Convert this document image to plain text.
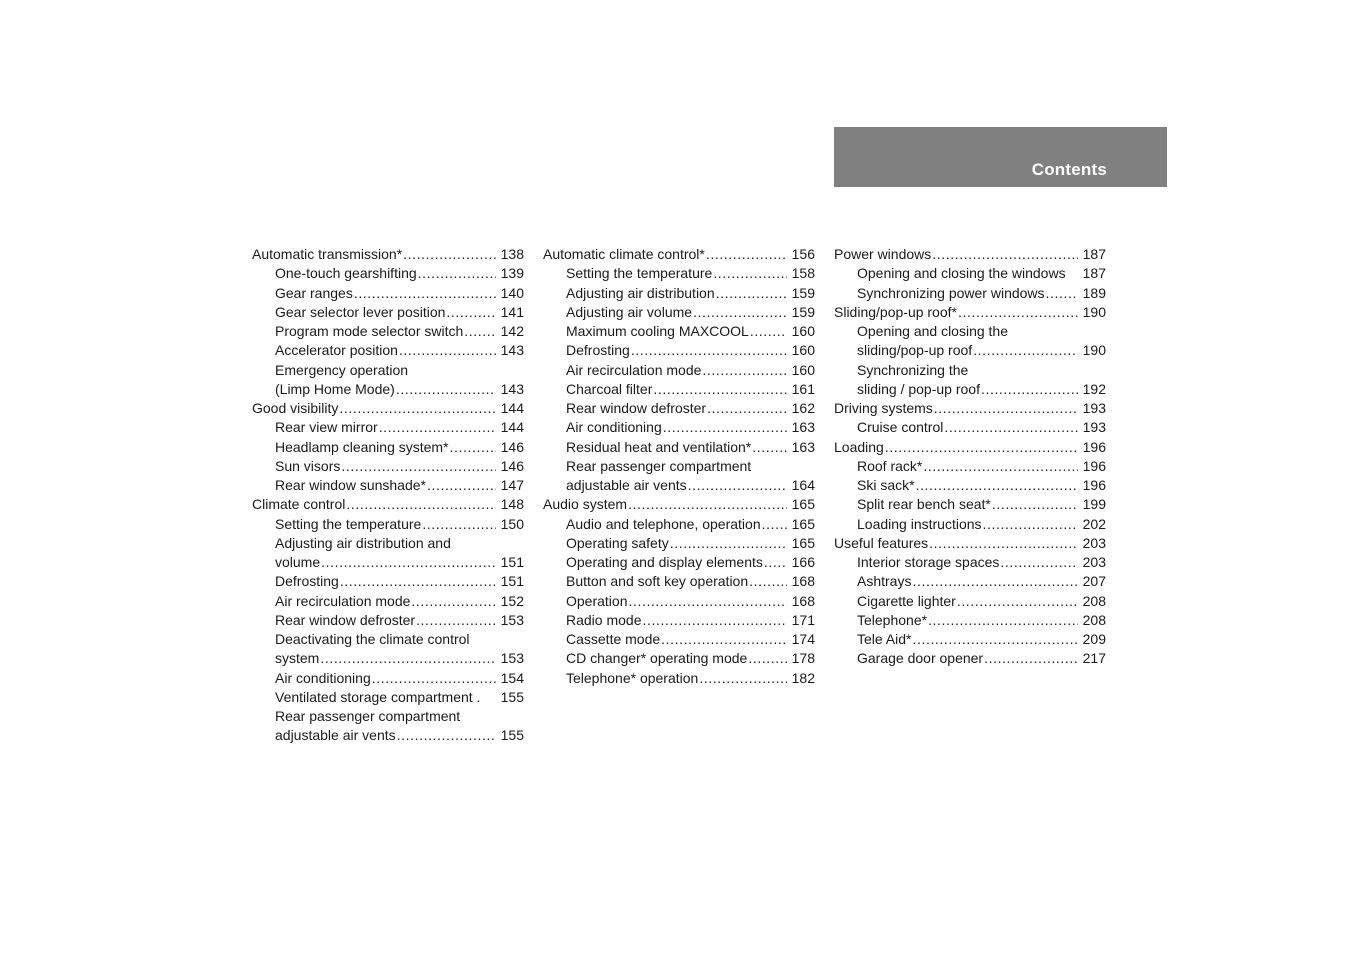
Contents
Automatic transmission* .....	138
One-touch gearshifting .....	139
Gear ranges .....	140
Gear selector lever position .....	141
Program mode selector switch .....	142
Accelerator position .....	143
Emergency operation
(Limp Home Mode) .....	143
Good visibility .....	144
Rear view mirror .....	144
Headlamp cleaning system* .....	146
Sun visors .....	146
Rear window sunshade* .....	147
Climate control .....	148
Setting the temperature .....	150
Adjusting air distribution and
volume .....	151
Defrosting .....	151
Air recirculation mode .....	152
Rear window defroster .....	153
Deactivating the climate control
system .....	153
Air conditioning .....	154
Ventilated storage compartment .	155
Rear passenger compartment
adjustable air vents .....	155
Automatic climate control* .....	156
Setting the temperature .....	158
Adjusting air distribution .....	159
Adjusting air volume .....	159
Maximum cooling MAXCOOL .....	160
Defrosting .....	160
Air recirculation mode .....	160
Charcoal filter .....	161
Rear window defroster .....	162
Air conditioning .....	163
Residual heat and ventilation* .....	163
Rear passenger compartment
adjustable air vents .....	164
Audio system .....	165
Audio and telephone, operation .....	165
Operating safety .....	165
Operating and display elements .....	166
Button and soft key operation .....	168
Operation .....	168
Radio mode .....	171
Cassette mode .....	174
CD changer* operating mode .....	178
Telephone* operation .....	182
Power windows .....	187
Opening and closing the windows	187
Synchronizing power windows .....	189
Sliding/pop-up roof* .....	190
Opening and closing the
sliding/pop-up roof .....	190
Synchronizing the
sliding / pop-up roof .....	192
Driving systems .....	193
Cruise control .....	193
Loading .....	196
Roof rack* .....	196
Ski sack* .....	196
Split rear bench seat* .....	199
Loading instructions .....	202
Useful features .....	203
Interior storage spaces .....	203
Ashtrays .....	207
Cigarette lighter .....	208
Telephone* .....	208
Tele Aid* .....	209
Garage door opener .....	217
